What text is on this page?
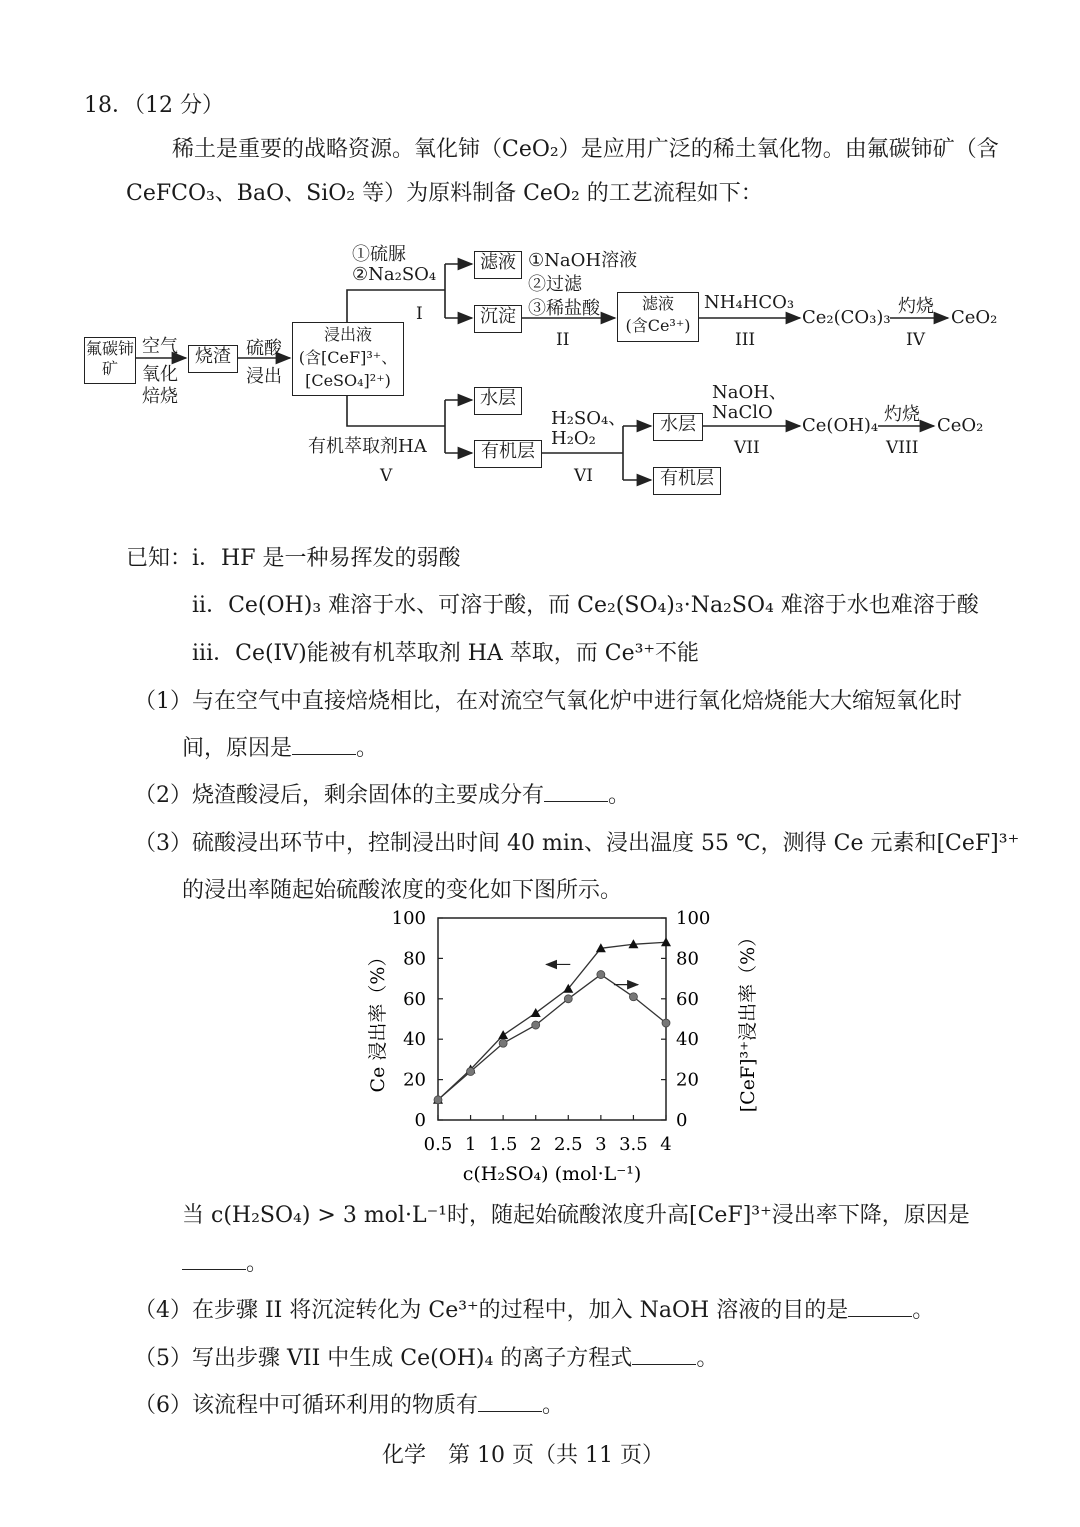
18．（12 分）
稀土是重要的战略资源。氧化铈（CeO₂）是应用广泛的稀土氧化物。由氟碳铈矿（含
CeFCO₃、BaO、SiO₂ 等）为原料制备 CeO₂ 的工艺流程如下：
氟碳铈矿
空气
氧化
焙烧
烧渣 硫酸
浸出
浸出液
(含[CeF]³⁺、
[CeSO₄]²⁺)
①硫脲
②Na₂SO₄
I
滤液
沉淀
①NaOH溶液
②过滤
③稀盐酸
II
滤液
(含Ce³⁺)
NH₄HCO₃
III
Ce₂(CO₃)₃
灼烧
IV
CeO₂
有机萃取剂HA
V
水层
有机层
H₂SO₄、
H₂O₂
VI
水层
有机层
NaOH、
NaClO
VII
Ce(OH)₄
灼烧
VIII
CeO₂
已知： i．HF 是一种易挥发的弱酸
ii．Ce(OH)₃ 难溶于水、可溶于酸，而 Ce₂(SO₄)₃·Na₂SO₄ 难溶于水也难溶于酸
iii．Ce(IV)能被有机萃取剂 HA 萃取，而 Ce³⁺不能
（1）与在空气中直接焙烧相比，在对流空气氧化炉中进行氧化焙烧能大大缩短氧化时
间，原因是	。
（2）烧渣酸浸后，剩余固体的主要成分有	。
（3）硫酸浸出环节中，控制浸出时间 40 min、浸出温度 55 ℃，测得 Ce 元素和[CeF]³⁺
的浸出率随起始硫酸浓度的变化如下图所示。
0	0
20	20
40	40
60	60
80	80
100	100
0.5 1 1.5 2 2.5 3 3.5 4
Ce 浸出率（%）	[CeF]³⁺浸出率（%）
c(H₂SO₄) (mol·L⁻¹)
当 c(H₂SO₄) > 3 mol·L⁻¹时，随起始硫酸浓度升高[CeF]³⁺浸出率下降，原因是
。
（4）在步骤 II 将沉淀转化为 Ce³⁺的过程中，加入 NaOH 溶液的目的是	。
（5）写出步骤 VII 中生成 Ce(OH)₄ 的离子方程式	。
（6）该流程中可循环利用的物质有	。
化学　第 10 页（共 11 页）
